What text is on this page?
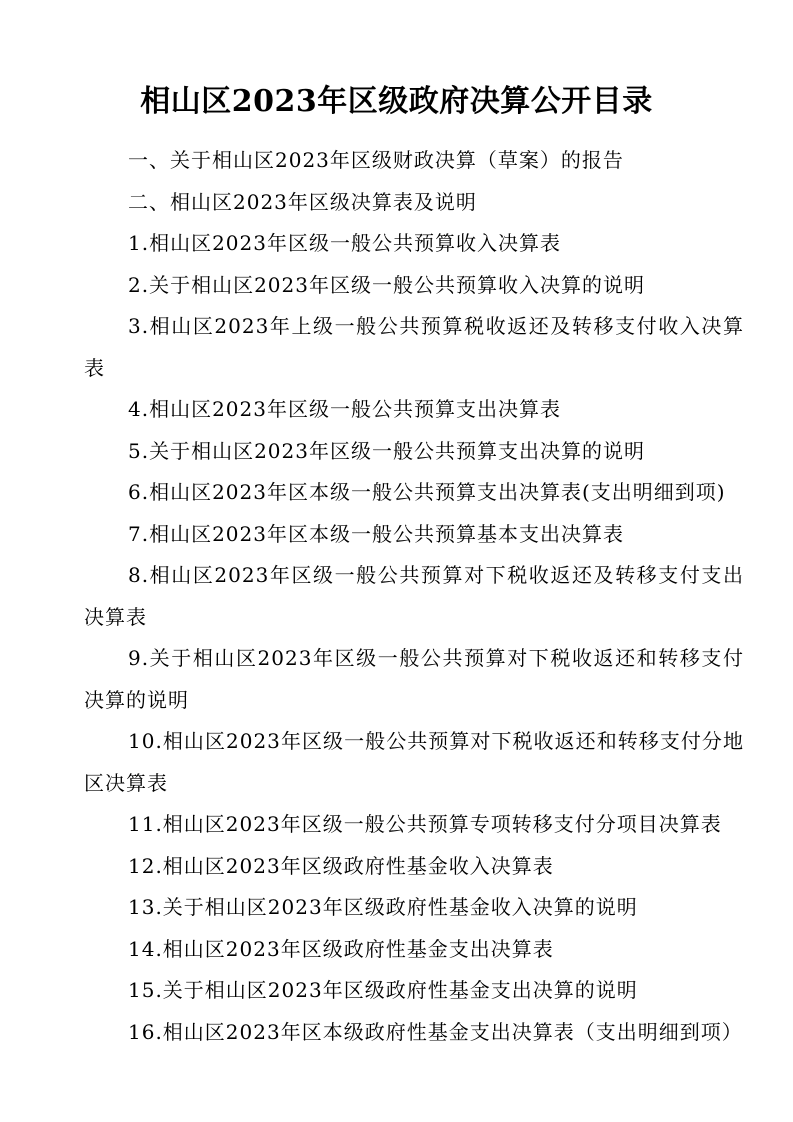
相山区2023年区级政府决算公开目录

一、关于相山区2023年区级财政决算（草案）的报告

二、相山区2023年区级决算表及说明

1.相山区2023年区级一般公共预算收入决算表

2.关于相山区2023年区级一般公共预算收入决算的说明

3.相山区2023年上级一般公共预算税收返还及转移支付收入决算表

4.相山区2023年区级一般公共预算支出决算表

5.关于相山区2023年区级一般公共预算支出决算的说明

6.相山区2023年区本级一般公共预算支出决算表(支出明细到项)

7.相山区2023年区本级一般公共预算基本支出决算表

8.相山区2023年区级一般公共预算对下税收返还及转移支付支出决算表

9.关于相山区2023年区级一般公共预算对下税收返还和转移支付决算的说明

10.相山区2023年区级一般公共预算对下税收返还和转移支付分地区决算表

11.相山区2023年区级一般公共预算专项转移支付分项目决算表

12.相山区2023年区级政府性基金收入决算表

13.关于相山区2023年区级政府性基金收入决算的说明

14.相山区2023年区级政府性基金支出决算表

15.关于相山区2023年区级政府性基金支出决算的说明

16.相山区2023年区本级政府性基金支出决算表（支出明细到项）
